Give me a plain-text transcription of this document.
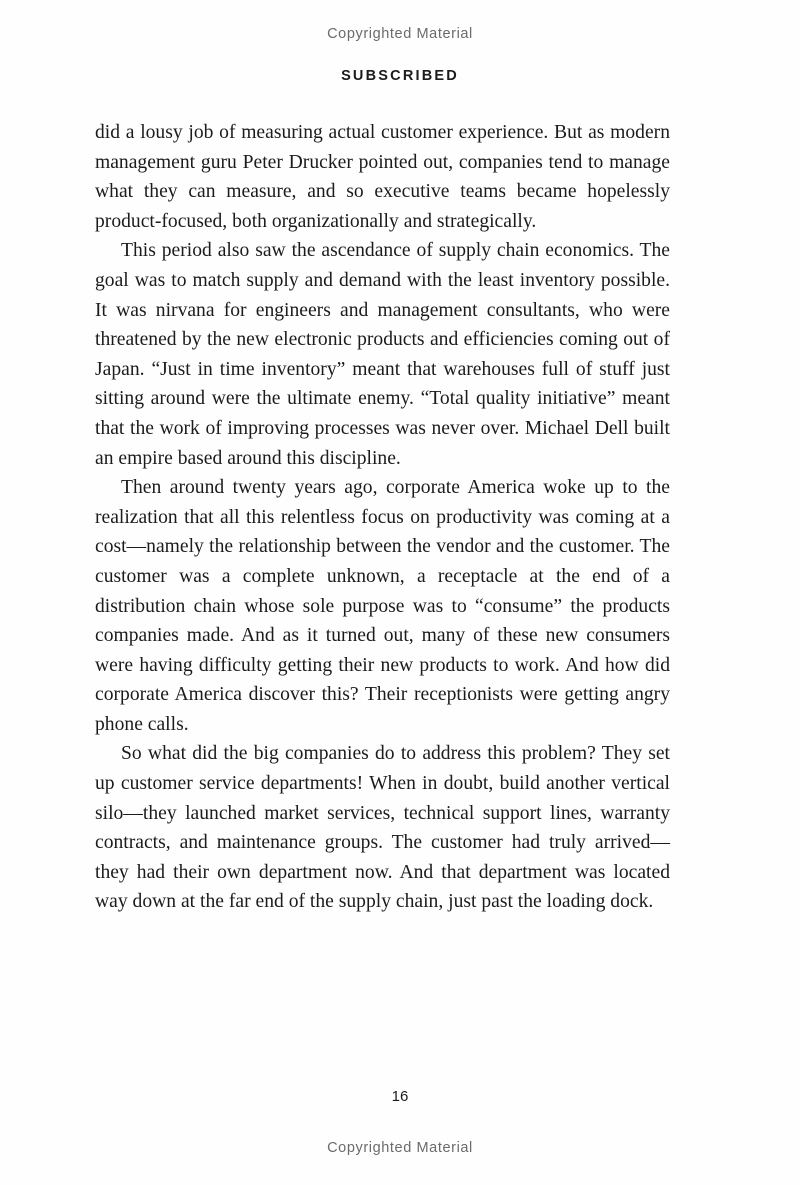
Copyrighted Material
SUBSCRIBED

did a lousy job of measuring actual customer experience. But as modern management guru Peter Drucker pointed out, companies tend to manage what they can measure, and so executive teams became hopelessly product-focused, both organizationally and strategically.

This period also saw the ascendance of supply chain economics. The goal was to match supply and demand with the least inventory possible. It was nirvana for engineers and management consultants, who were threatened by the new electronic products and efficiencies coming out of Japan. “Just in time inventory” meant that warehouses full of stuff just sitting around were the ultimate enemy. “Total quality initiative” meant that the work of improving processes was never over. Michael Dell built an empire based around this discipline.

Then around twenty years ago, corporate America woke up to the realization that all this relentless focus on productivity was coming at a cost—namely the relationship between the vendor and the customer. The customer was a complete unknown, a receptacle at the end of a distribution chain whose sole purpose was to “consume” the products companies made. And as it turned out, many of these new consumers were having difficulty getting their new products to work. And how did corporate America discover this? Their receptionists were getting angry phone calls.

So what did the big companies do to address this problem? They set up customer service departments! When in doubt, build another vertical silo—they launched market services, technical support lines, warranty contracts, and maintenance groups. The customer had truly arrived—they had their own department now. And that department was located way down at the far end of the supply chain, just past the loading dock.

16
Copyrighted Material
